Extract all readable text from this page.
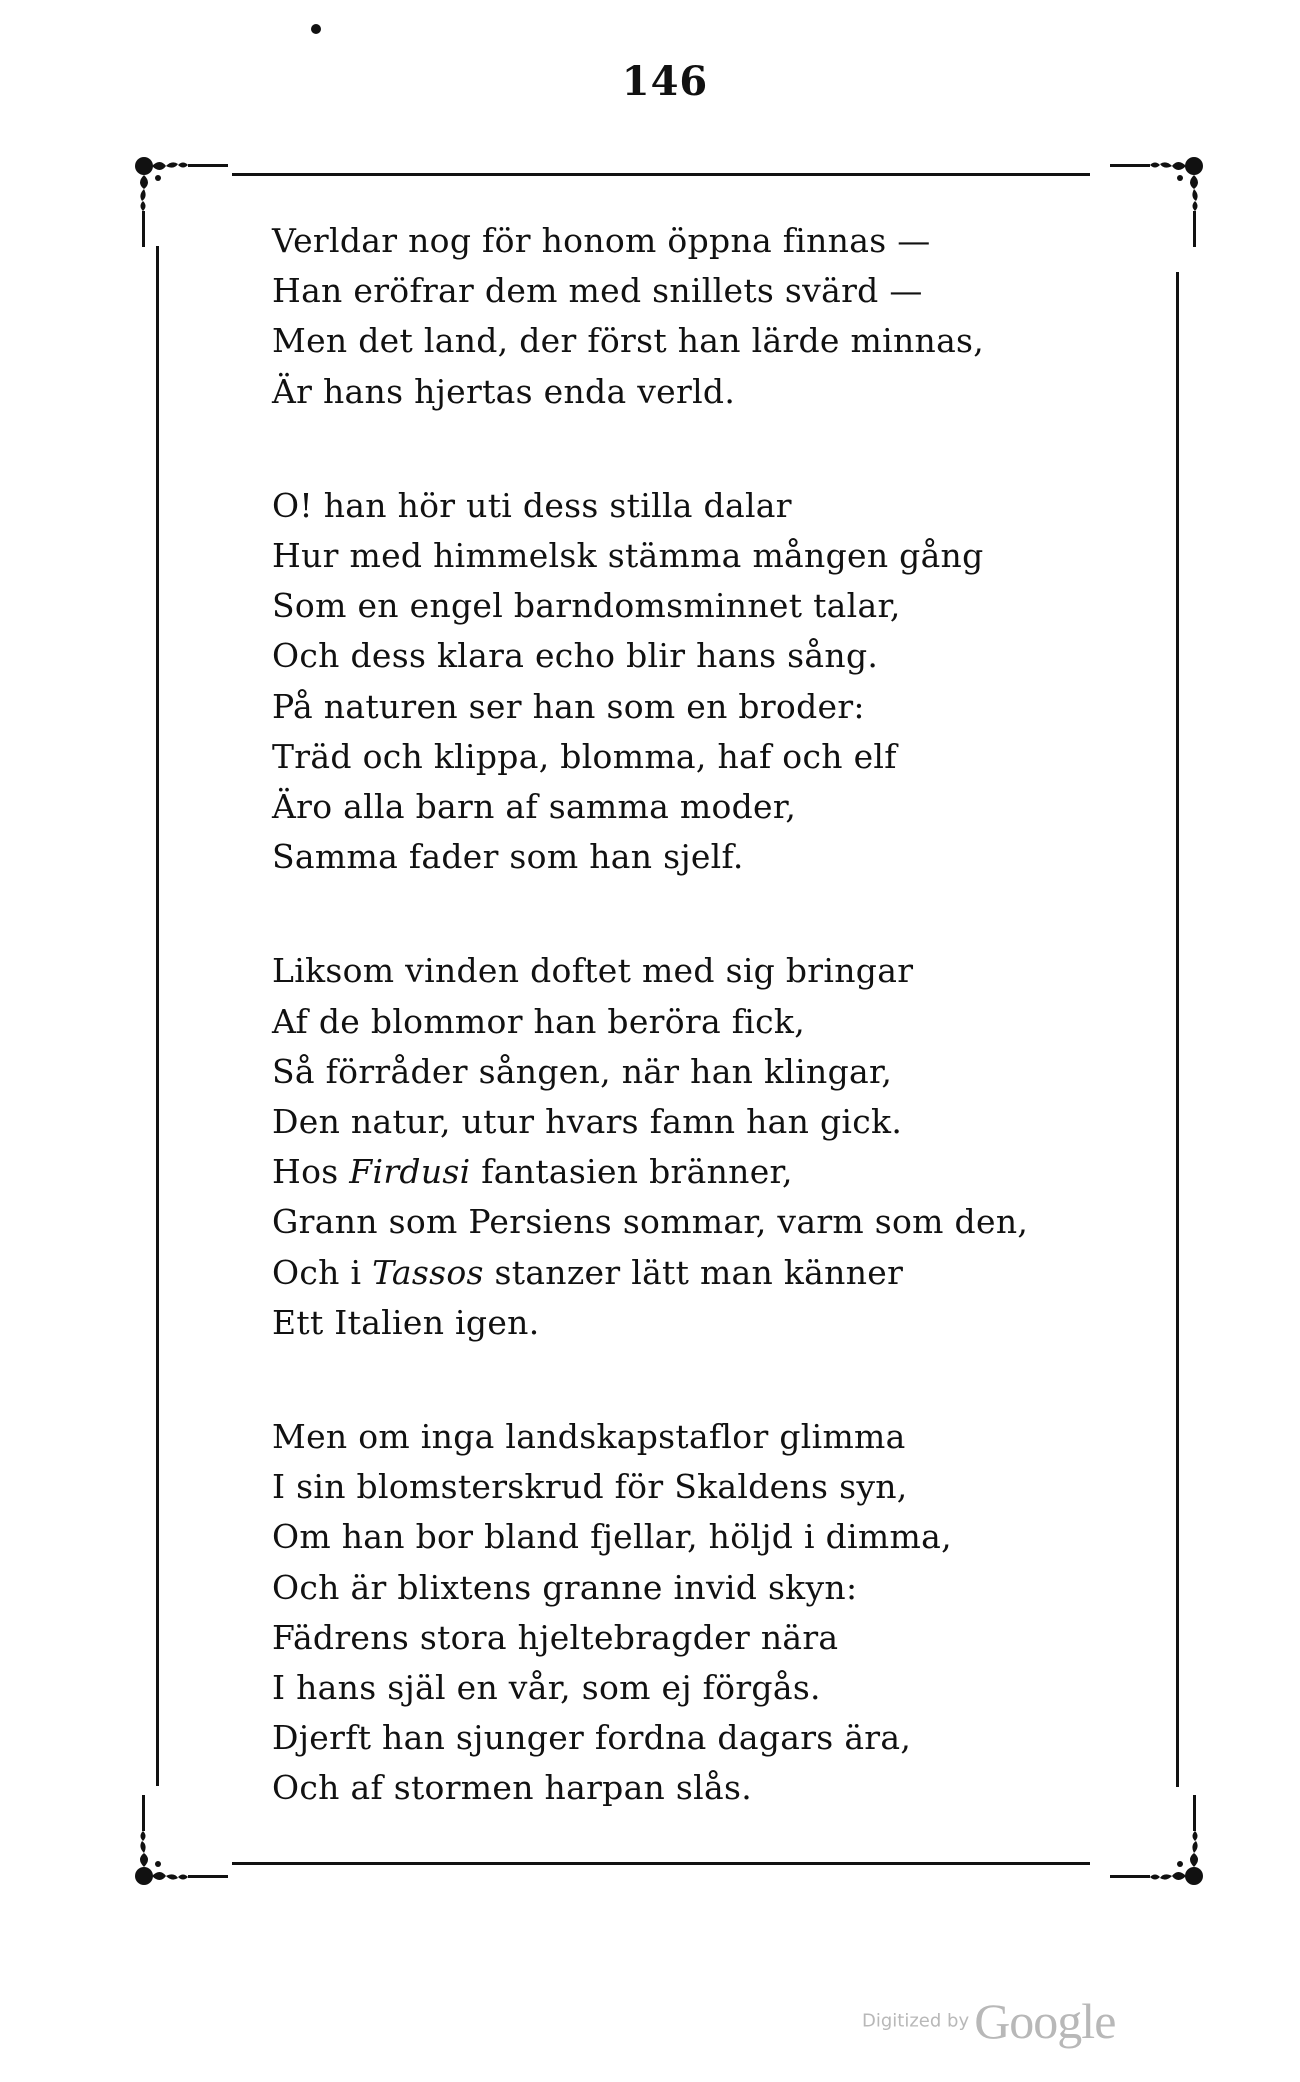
146
Verldar nog för honom öppna finnas —
Han eröfrar dem med snillets svärd —
Men det land, der först han lärde minnas,
Är hans hjertas enda verld.
O! han hör uti dess stilla dalar
Hur med himmelsk stämma mången gång
Som en engel barndomsminnet talar,
Och dess klara echo blir hans sång.
På naturen ser han som en broder:
Träd och klippa, blomma, haf och elf
Äro alla barn af samma moder,
Samma fader som han sjelf.
Liksom vinden doftet med sig bringar
Af de blommor han beröra fick,
Så förråder sången, när han klingar,
Den natur, utur hvars famn han gick.
Hos Firdusi fantasien bränner,
Grann som Persiens sommar, varm som den,
Och i Tassos stanzer lätt man känner
Ett Italien igen.
Men om inga landskapstaflor glimma
I sin blomsterskrud för Skaldens syn,
Om han bor bland fjellar, höljd i dimma,
Och är blixtens granne invid skyn:
Fädrens stora hjeltebragder nära
I hans själ en vår, som ej förgås.
Djerft han sjunger fordna dagars ära,
Och af stormen harpan slås.
Digitized by Google
